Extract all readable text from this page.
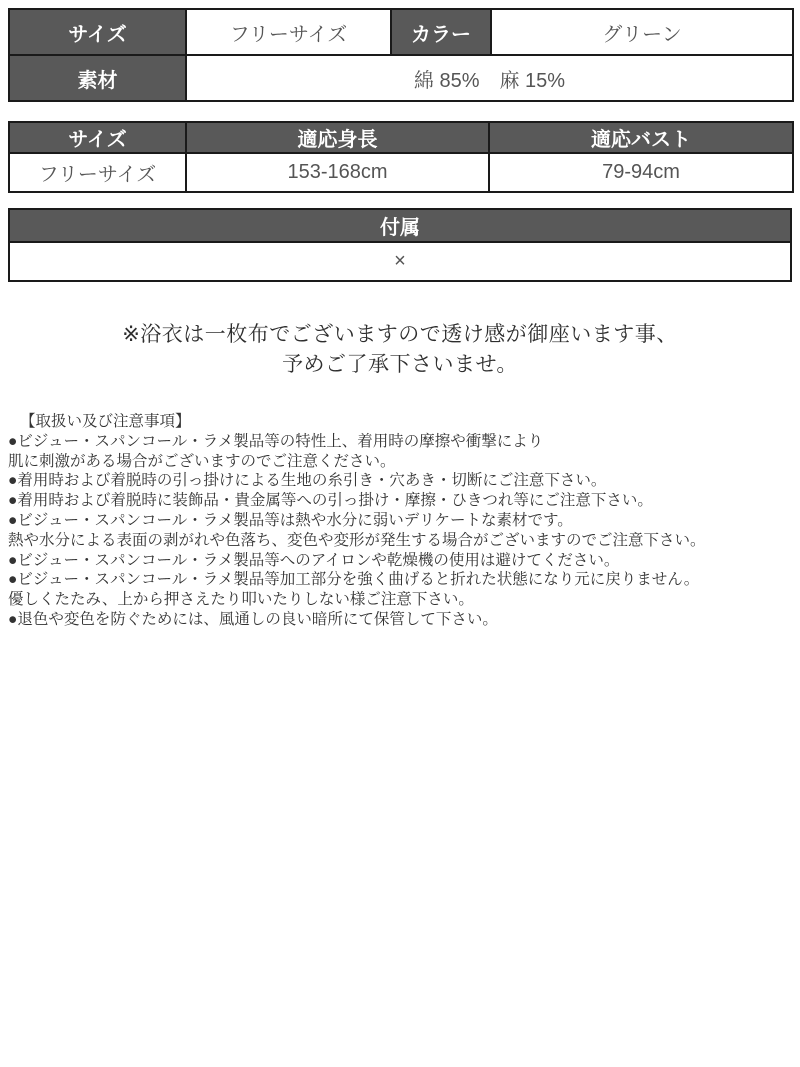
サイズ	フリーサイズ	カラー	グリーン
素材	綿 85%　麻 15%		
サイズ	適応身長	適応バスト
フリーサイズ	153-168cm	79-94cm
付属
×
※浴衣は一枚布でございますので透け感が御座います事、
予めご了承下さいませ。
【取扱い及び注意事項】
●ビジュー・スパンコール・ラメ製品等の特性上、着用時の摩擦や衝撃により
肌に刺激がある場合がございますのでご注意ください。
●着用時および着脱時の引っ掛けによる生地の糸引き・穴あき・切断にご注意下さい。
●着用時および着脱時に装飾品・貴金属等への引っ掛け・摩擦・ひきつれ等にご注意下さい。
●ビジュー・スパンコール・ラメ製品等は熱や水分に弱いデリケートな素材です。
熱や水分による表面の剥がれや色落ち、変色や変形が発生する場合がございますのでご注意下さい。
●ビジュー・スパンコール・ラメ製品等へのアイロンや乾燥機の使用は避けてください。
●ビジュー・スパンコール・ラメ製品等加工部分を強く曲げると折れた状態になり元に戻りません。
優しくたたみ、上から押さえたり叩いたりしない様ご注意下さい。
●退色や変色を防ぐためには、風通しの良い暗所にて保管して下さい。
